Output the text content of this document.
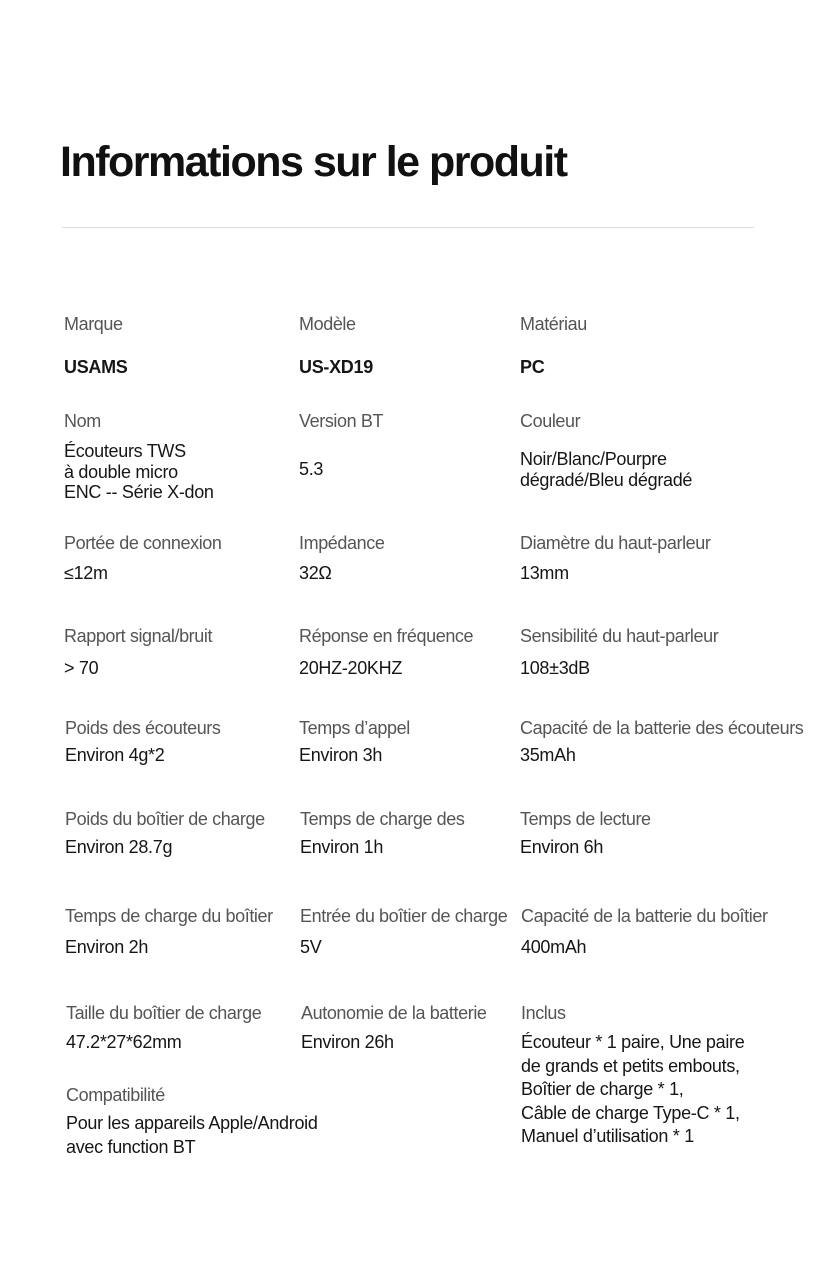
Informations sur le produit
Marque
USAMS
Modèle
US-XD19
Matériau
PC
Nom
Écouteurs TWS
à double micro
ENC -- Série X-don
Version BT
5.3
Couleur
Noir/Blanc/Pourpre
dégradé/Bleu dégradé
Portée de connexion
≤12m
Impédance
32Ω
Diamètre du haut-parleur
13mm
Rapport signal/bruit
> 70
Réponse en fréquence
20HZ-20KHZ
Sensibilité du haut-parleur
108±3dB
Poids des écouteurs
Environ 4g*2
Temps d’appel
Environ 3h
Capacité de la batterie des écouteurs
35mAh
Poids du boîtier de charge
Environ 28.7g
Temps de charge des
Environ 1h
Temps de lecture
Environ 6h
Temps de charge du boîtier
Environ 2h
Entrée du boîtier de charge
5V
Capacité de la batterie du boîtier
400mAh
Taille du boîtier de charge
47.2*27*62mm
Autonomie de la batterie
Environ 26h
Inclus
Écouteur * 1 paire, Une paire
de grands et petits embouts,
Boîtier de charge * 1,
Câble de charge Type-C * 1,
Manuel d’utilisation * 1
Compatibilité
Pour les appareils Apple/Android
avec function BT
